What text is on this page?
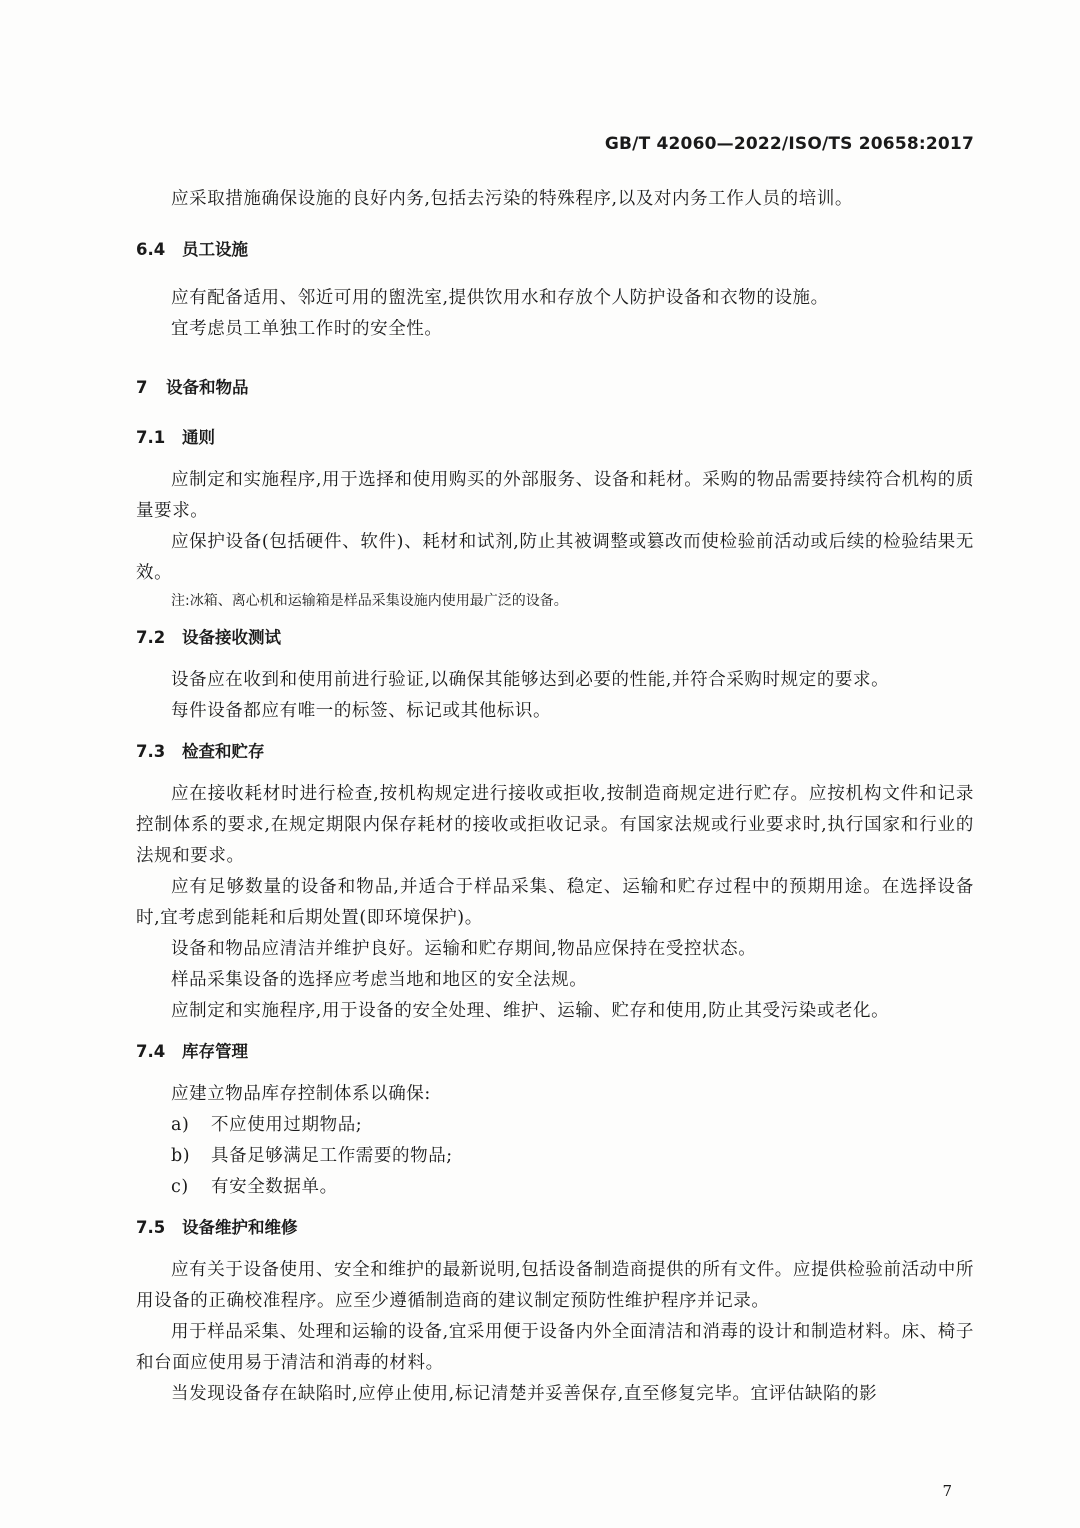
GB/T 42060—2022/ISO/TS 20658:2017

应采取措施确保设施的良好内务,包括去污染的特殊程序,以及对内务工作人员的培训。

6.4	员工设施

应有配备适用、邻近可用的盥洗室,提供饮用水和存放个人防护设备和衣物的设施。

宜考虑员工单独工作时的安全性。

7	设备和物品
7.1	通则

应制定和实施程序,用于选择和使用购买的外部服务、设备和耗材。采购的物品需要持续符合机构的质量要求。

应保护设备(包括硬件、软件)、耗材和试剂,防止其被调整或篡改而使检验前活动或后续的检验结果无效。

注:冰箱、离心机和运输箱是样品采集设施内使用最广泛的设备。

7.2	设备接收测试

设备应在收到和使用前进行验证,以确保其能够达到必要的性能,并符合采购时规定的要求。

每件设备都应有唯一的标签、标记或其他标识。

7.3	检查和贮存

应在接收耗材时进行检查,按机构规定进行接收或拒收,按制造商规定进行贮存。应按机构文件和记录控制体系的要求,在规定期限内保存耗材的接收或拒收记录。有国家法规或行业要求时,执行国家和行业的法规和要求。

应有足够数量的设备和物品,并适合于样品采集、稳定、运输和贮存过程中的预期用途。在选择设备时,宜考虑到能耗和后期处置(即环境保护)。

设备和物品应清洁并维护良好。运输和贮存期间,物品应保持在受控状态。

样品采集设备的选择应考虑当地和地区的安全法规。

应制定和实施程序,用于设备的安全处理、维护、运输、贮存和使用,防止其受污染或老化。

7.4	库存管理

应建立物品库存控制体系以确保:

a)	不应使用过期物品;
b)	具备足够满足工作需要的物品;
c)	有安全数据单。
7.5	设备维护和维修

应有关于设备使用、安全和维护的最新说明,包括设备制造商提供的所有文件。应提供检验前活动中所用设备的正确校准程序。应至少遵循制造商的建议制定预防性维护程序并记录。

用于样品采集、处理和运输的设备,宜采用便于设备内外全面清洁和消毒的设计和制造材料。床、椅子和台面应使用易于清洁和消毒的材料。

当发现设备存在缺陷时,应停止使用,标记清楚并妥善保存,直至修复完毕。宜评估缺陷的影

7
